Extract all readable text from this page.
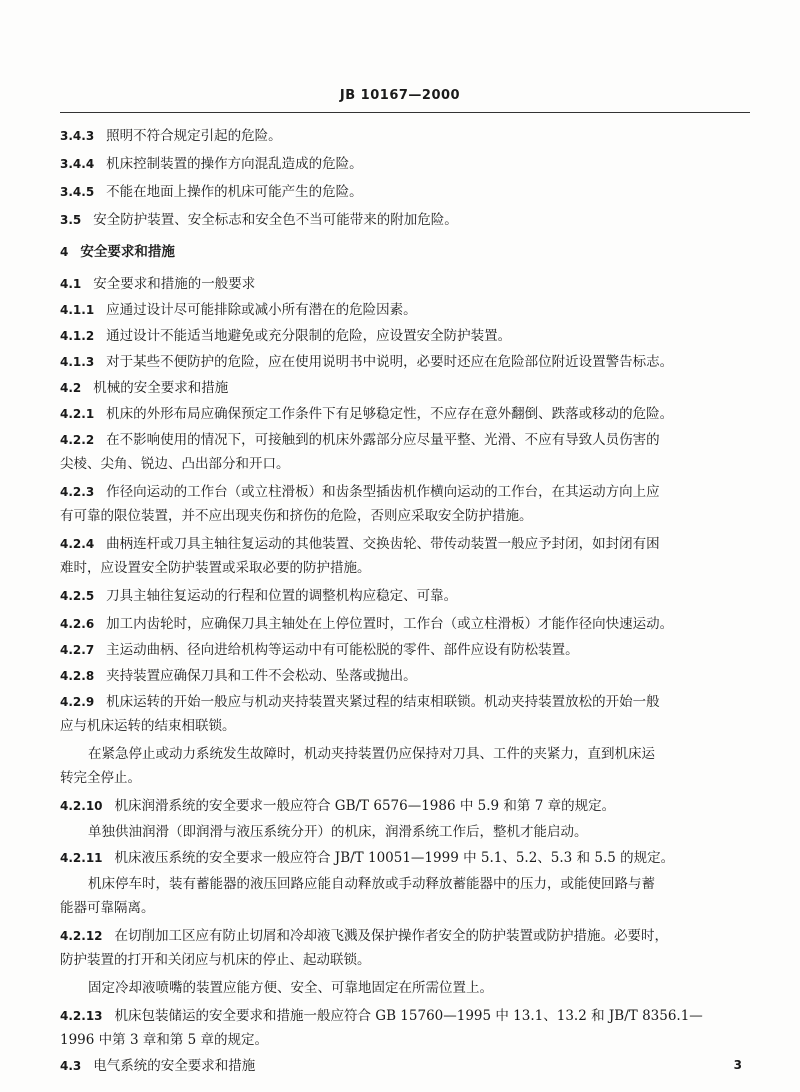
JB 10167—2000
3.4.3 照明不符合规定引起的危险。
3.4.4 机床控制装置的操作方向混乱造成的危险。
3.4.5 不能在地面上操作的机床可能产生的危险。
3.5 安全防护装置、安全标志和安全色不当可能带来的附加危险。
4 安全要求和措施
4.1 安全要求和措施的一般要求
4.1.1 应通过设计尽可能排除或减小所有潜在的危险因素。
4.1.2 通过设计不能适当地避免或充分限制的危险，应设置安全防护装置。
4.1.3 对于某些不便防护的危险，应在使用说明书中说明，必要时还应在危险部位附近设置警告标志。
4.2 机械的安全要求和措施
4.2.1 机床的外形布局应确保预定工作条件下有足够稳定性，不应存在意外翻倒、跌落或移动的危险。
4.2.2 在不影响使用的情况下，可接触到的机床外露部分应尽量平整、光滑、不应有导致人员伤害的
尖棱、尖角、锐边、凸出部分和开口。
4.2.3 作径向运动的工作台（或立柱滑板）和齿条型插齿机作横向运动的工作台，在其运动方向上应
有可靠的限位装置，并不应出现夹伤和挤伤的危险，否则应采取安全防护措施。
4.2.4 曲柄连杆或刀具主轴往复运动的其他装置、交换齿轮、带传动装置一般应予封闭，如封闭有困
难时，应设置安全防护装置或采取必要的防护措施。
4.2.5 刀具主轴往复运动的行程和位置的调整机构应稳定、可靠。
4.2.6 加工内齿轮时，应确保刀具主轴处在上停位置时，工作台（或立柱滑板）才能作径向快速运动。
4.2.7 主运动曲柄、径向进给机构等运动中有可能松脱的零件、部件应设有防松装置。
4.2.8 夹持装置应确保刀具和工件不会松动、坠落或抛出。
4.2.9 机床运转的开始一般应与机动夹持装置夹紧过程的结束相联锁。机动夹持装置放松的开始一般
应与机床运转的结束相联锁。
在紧急停止或动力系统发生故障时，机动夹持装置仍应保持对刀具、工件的夹紧力，直到机床运
转完全停止。
4.2.10 机床润滑系统的安全要求一般应符合 GB/T 6576—1986 中 5.9 和第 7 章的规定。
单独供油润滑（即润滑与液压系统分开）的机床，润滑系统工作后，整机才能启动。
4.2.11 机床液压系统的安全要求一般应符合 JB/T 10051—1999 中 5.1、5.2、5.3 和 5.5 的规定。
机床停车时，装有蓄能器的液压回路应能自动释放或手动释放蓄能器中的压力，或能使回路与蓄
能器可靠隔离。
4.2.12 在切削加工区应有防止切屑和冷却液飞溅及保护操作者安全的防护装置或防护措施。必要时，
防护装置的打开和关闭应与机床的停止、起动联锁。
固定冷却液喷嘴的装置应能方便、安全、可靠地固定在所需位置上。
4.2.13 机床包装储运的安全要求和措施一般应符合 GB 15760—1995 中 13.1、13.2 和 JB/T 8356.1—
1996 中第 3 章和第 5 章的规定。
4.3 电气系统的安全要求和措施	3
